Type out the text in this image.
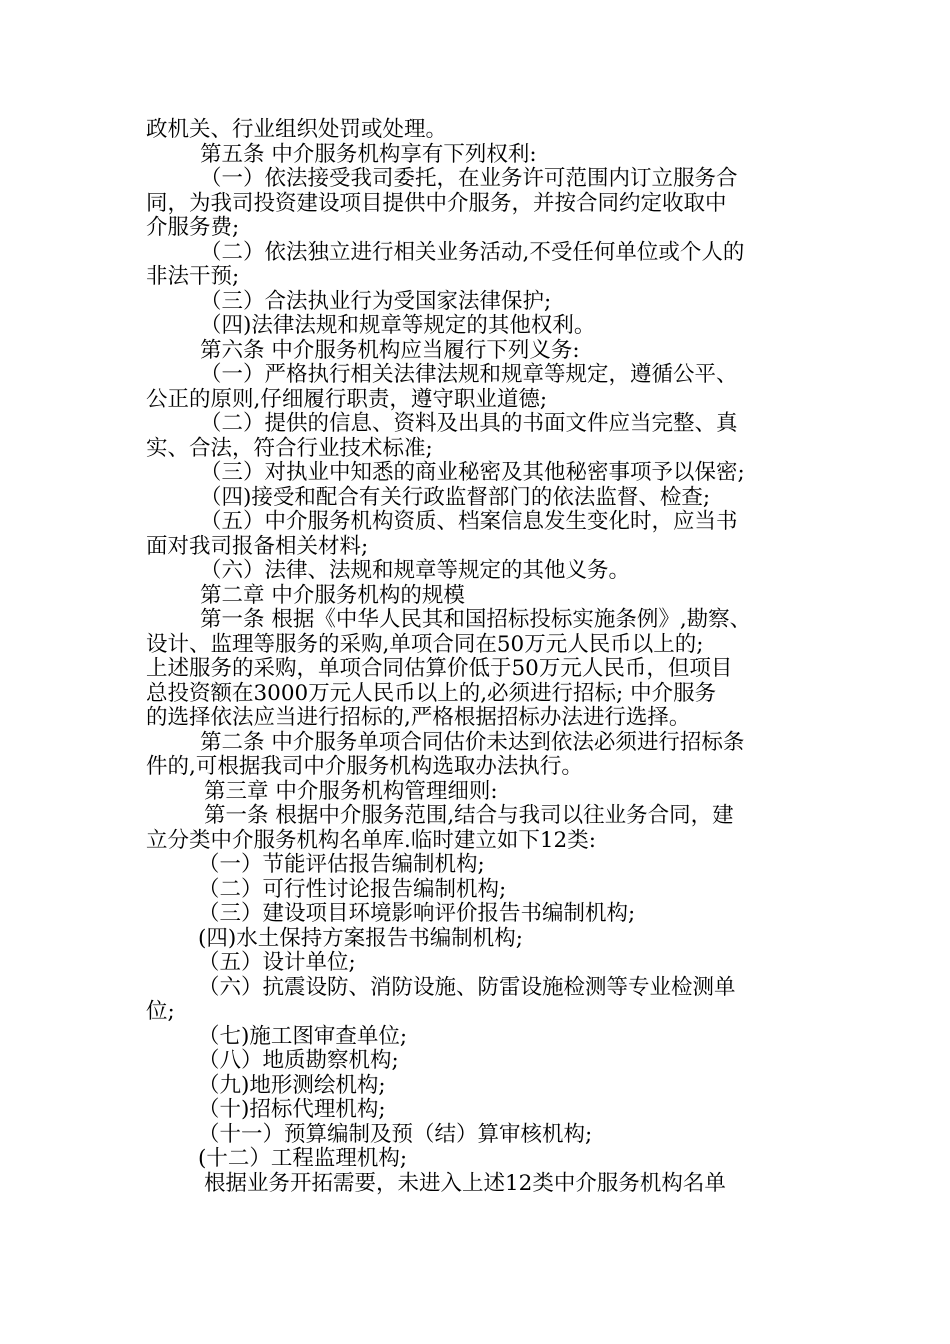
政机关、行业组织处罚或处理。
第五条 中介服务机构享有下列权利:
（一）依法接受我司委托，在业务许可范围内订立服务合
同，为我司投资建设项目提供中介服务，并按合同约定收取中
介服务费;
（二）依法独立进行相关业务活动,不受任何单位或个人的
非法干预;
（三）合法执业行为受国家法律保护;
（四)法律法规和规章等规定的其他权利。
第六条 中介服务机构应当履行下列义务:
（一）严格执行相关法律法规和规章等规定，遵循公平、
公正的原则,仔细履行职责，遵守职业道德;
（二）提供的信息、资料及出具的书面文件应当完整、真
实、合法，符合行业技术标准;
（三）对执业中知悉的商业秘密及其他秘密事项予以保密;
（四)接受和配合有关行政监督部门的依法监督、检查;
（五）中介服务机构资质、档案信息发生变化时，应当书
面对我司报备相关材料;
（六）法律、法规和规章等规定的其他义务。
第二章 中介服务机构的规模
第一条 根据《中华人民其和国招标投标实施条例》,勘察、
设计、监理等服务的采购,单项合同在50万元人民币以上的;
上述服务的采购，单项合同估算价低于50万元人民币，但项目
总投资额在3000万元人民币以上的,必须进行招标; 中介服务
的选择依法应当进行招标的,严格根据招标办法进行选择。
第二条 中介服务单项合同估价未达到依法必须进行招标条
件的,可根据我司中介服务机构选取办法执行。
第三章 中介服务机构管理细则:
第一条 根据中介服务范围,结合与我司以往业务合同，建
立分类中介服务机构名单库.临时建立如下12类:
（一）节能评估报告编制机构;
（二）可行性讨论报告编制机构;
（三）建设项目环境影响评价报告书编制机构;
(四)水土保持方案报告书编制机构;
（五）设计单位;
（六）抗震设防、消防设施、防雷设施检测等专业检测单
位;
（七)施工图审查单位;
（八）地质勘察机构;
（九)地形测绘机构;
（十)招标代理机构;
（十一）预算编制及预（结）算审核机构;
(十二）工程监理机构;
根据业务开拓需要，未进入上述12类中介服务机构名单
